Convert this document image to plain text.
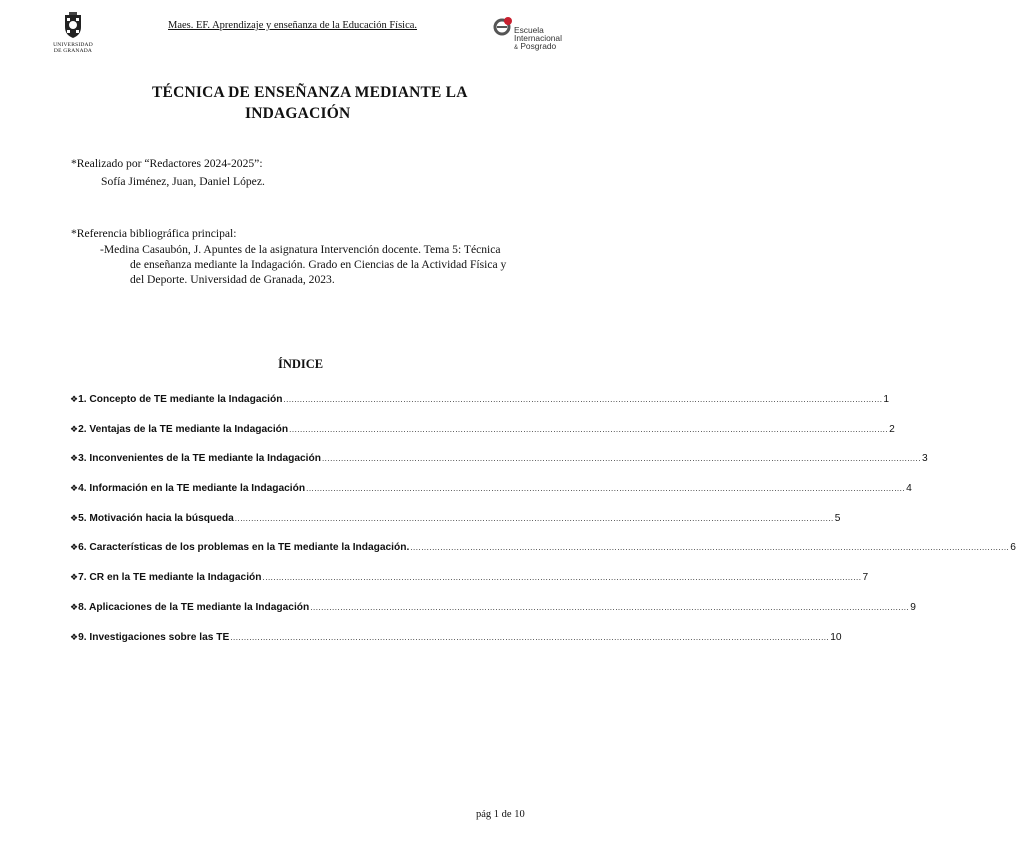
UNIVERSIDAD
DE GRANADA
Maes. EF. Aprendizaje y enseñanza de la Educación Física.	Escuela
Internacional
& Posgrado
TÉCNICA DE ENSEÑANZA MEDIANTE LA
INDAGACIÓN
*Realizado por “Redactores 2024-2025”:
Sofía Jiménez, Juan, Daniel López.
*Referencia bibliográfica principal:
-Medina Casaubón, J. Apuntes de la asignatura Intervención docente. Tema 5: Técnica
de enseñanza mediante la Indagación. Grado en Ciencias de la Actividad Física y
del Deporte. Universidad de Granada, 2023.
ÍNDICE
❖ 1. Concepto de TE mediante la Indagación ............................................................................................................................................................................................................................ 1
❖ 2. Ventajas de la TE mediante la Indagación ............................................................................................................................................................................................................................ 2
❖ 3. Inconvenientes de la TE mediante la Indagación ............................................................................................................................................................................................................................ 3
❖ 4. Información en la TE mediante la Indagación ............................................................................................................................................................................................................................ 4
❖ 5. Motivación hacia la búsqueda ............................................................................................................................................................................................................................ 5
❖ 6. Características de los problemas en la TE mediante la Indagación. ............................................................................................................................................................................................................................ 6
❖ 7. CR en la TE mediante la Indagación ............................................................................................................................................................................................................................ 7
❖ 8. Aplicaciones de la TE mediante la Indagación ............................................................................................................................................................................................................................ 9
❖ 9. Investigaciones sobre las TE ............................................................................................................................................................................................................................ 10
pág 1 de 10
